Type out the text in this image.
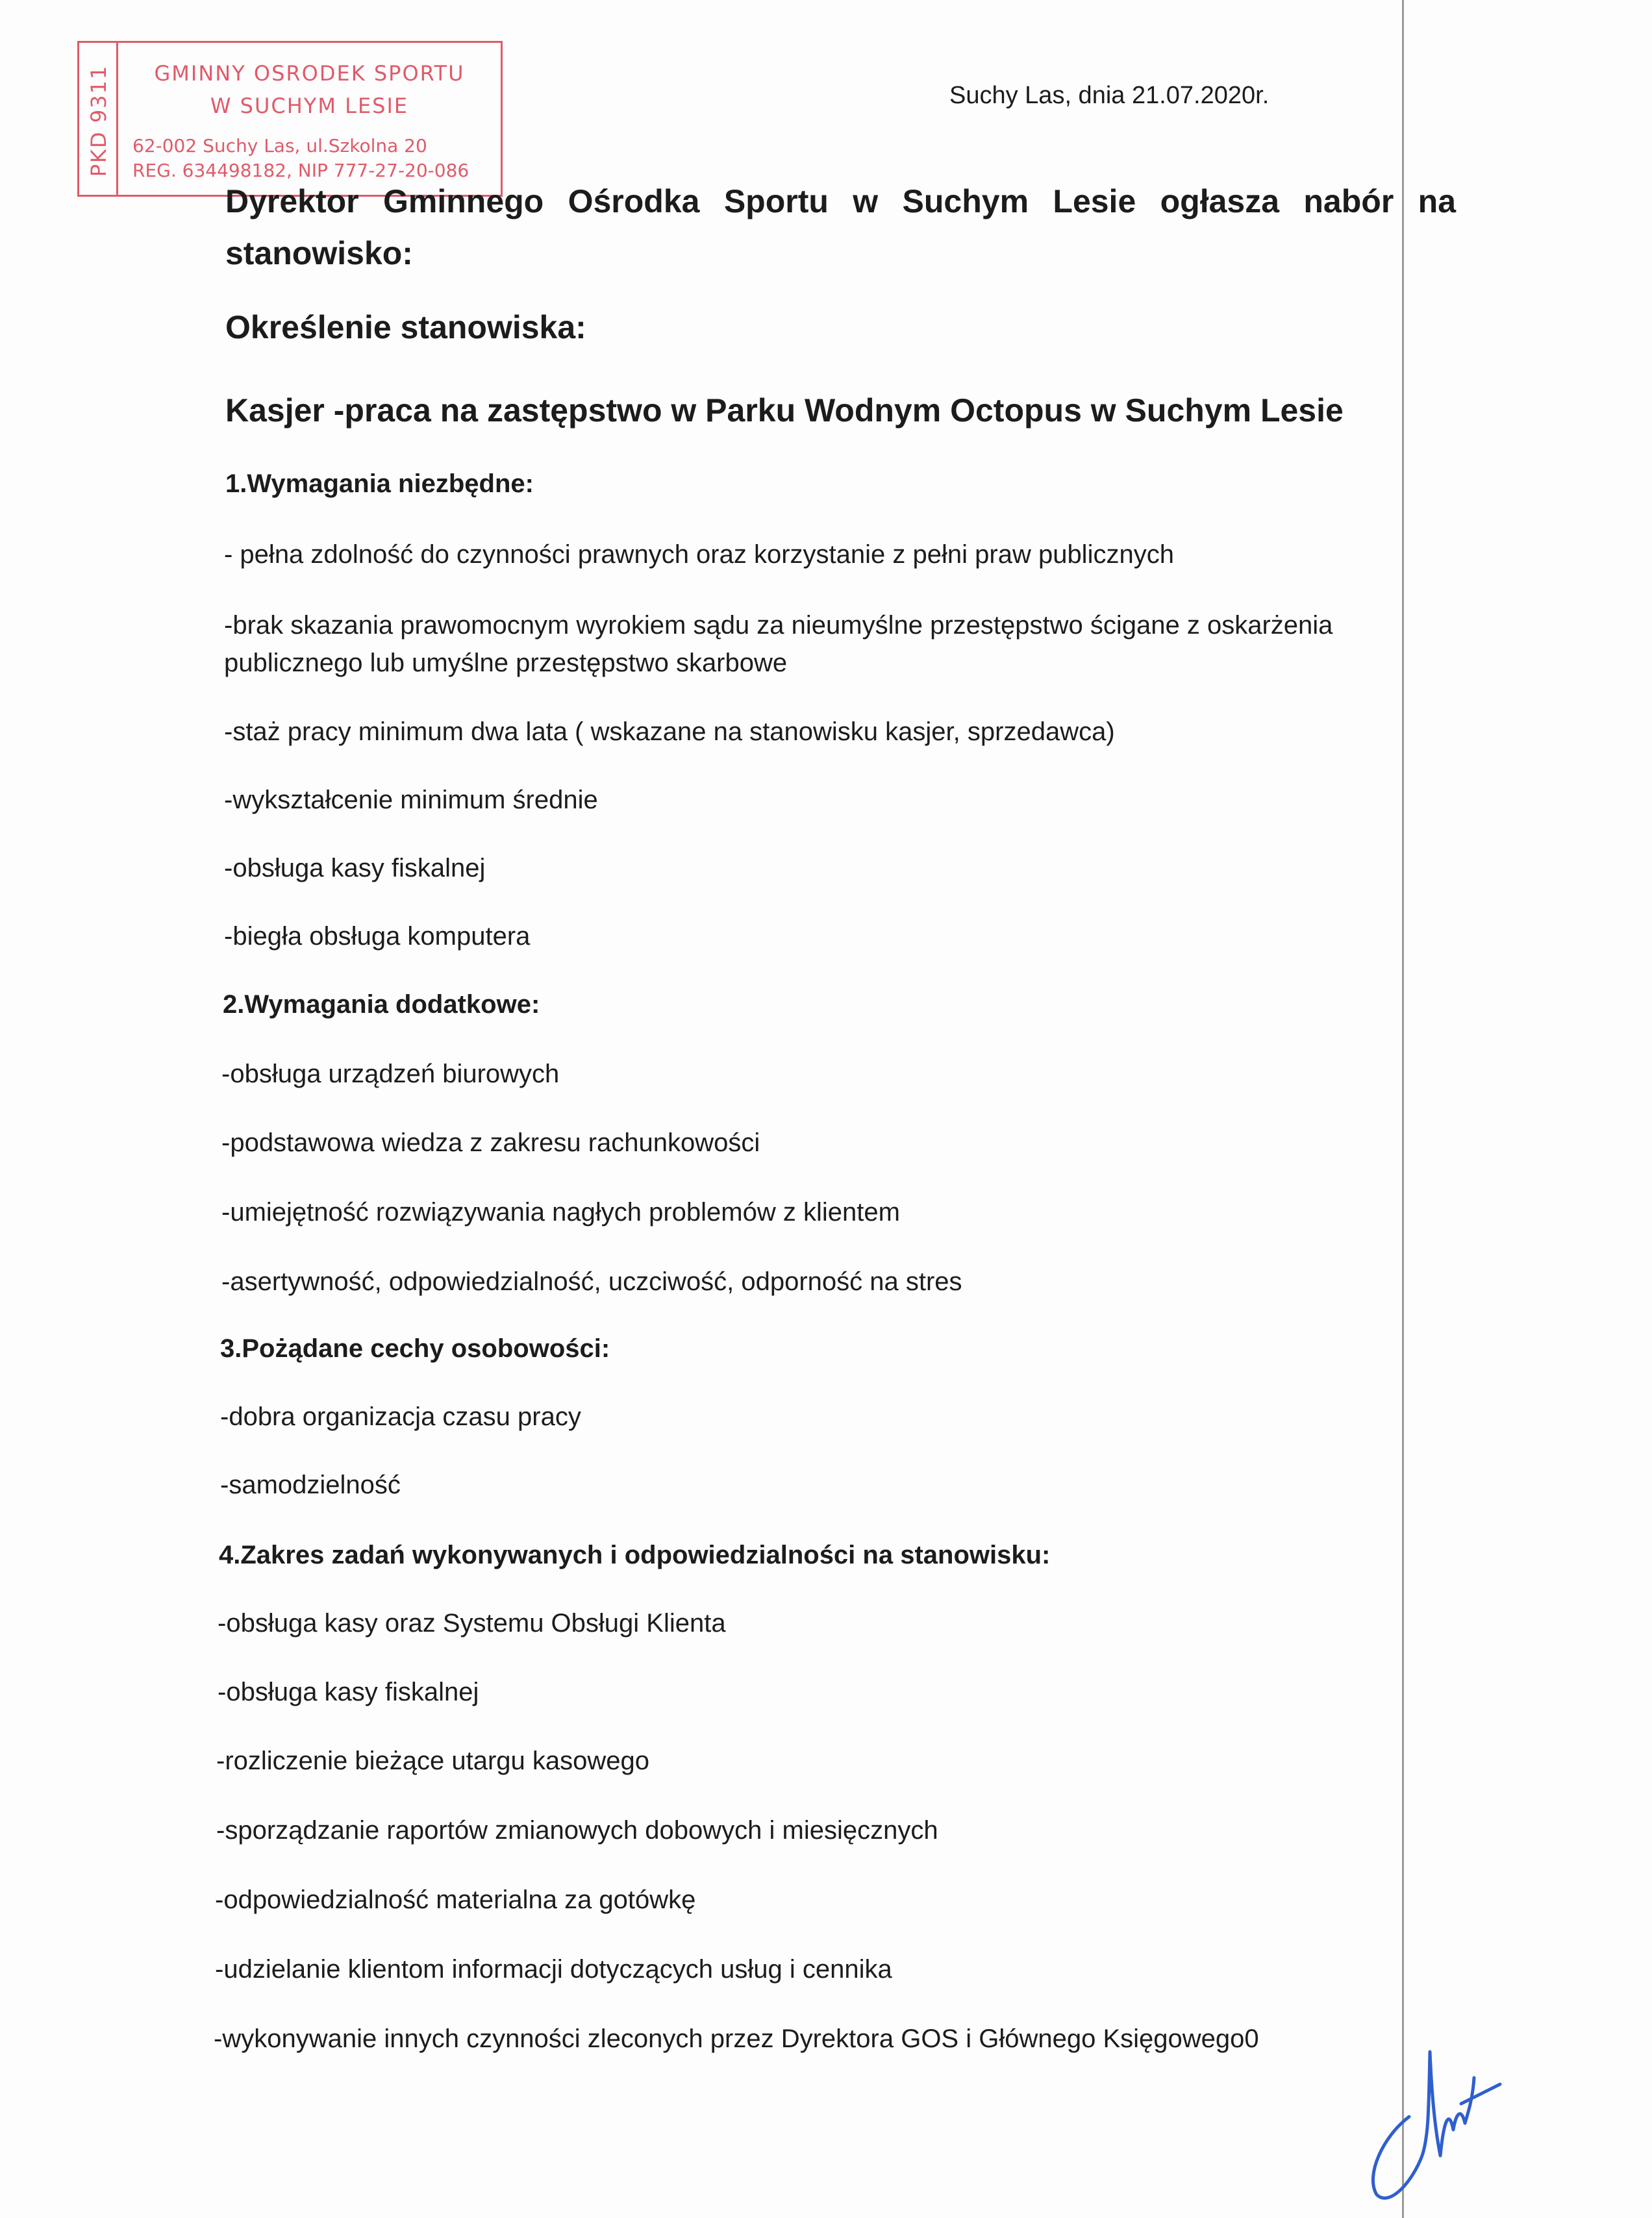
PKD 9311	GMINNY OSRODEK SPORTU
W SUCHYM LESIE
62-002 Suchy Las, ul.Szkolna 20
REG. 634498182, NIP 777-27-20-086
Suchy Las, dnia 21.07.2020r.

Dyrektor Gminnego Ośrodka Sportu w Suchym Lesie ogłasza nabór na stanowisko:

Określenie stanowiska:
Kasjer -praca na zastępstwo w Parku Wodnym Octopus w Suchym Lesie
1.Wymagania niezbędne:
- pełna zdolność do czynności prawnych oraz korzystanie z pełni praw publicznych
-brak skazania prawomocnym wyrokiem sądu za nieumyślne przestępstwo ścigane z oskarżenia publicznego lub umyślne przestępstwo skarbowe
-staż pracy minimum dwa lata ( wskazane na stanowisku kasjer, sprzedawca)
-wykształcenie minimum średnie
-obsługa kasy fiskalnej
-biegła obsługa komputera
2.Wymagania dodatkowe:
-obsługa urządzeń biurowych
-podstawowa wiedza z zakresu rachunkowości
-umiejętność rozwiązywania nagłych problemów z klientem
-asertywność, odpowiedzialność, uczciwość, odporność na stres
3.Pożądane cechy osobowości:
-dobra organizacja czasu pracy
-samodzielność
4.Zakres zadań wykonywanych i odpowiedzialności na stanowisku:
-obsługa kasy oraz Systemu Obsługi Klienta
-obsługa kasy fiskalnej
-rozliczenie bieżące utargu kasowego
-sporządzanie raportów zmianowych dobowych i miesięcznych
-odpowiedzialność materialna za gotówkę
-udzielanie klientom informacji dotyczących usług i cennika
-wykonywanie innych czynności zleconych przez Dyrektora GOS i Głównego Księgowego0
